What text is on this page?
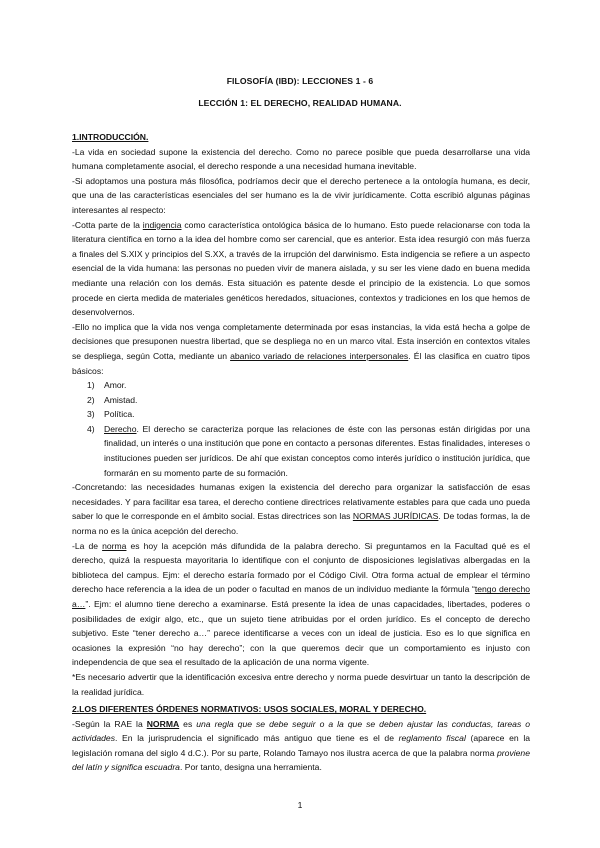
FILOSOFÍA (IBD): LECCIONES 1 - 6
LECCIÓN 1: EL DERECHO, REALIDAD HUMANA.
1.INTRODUCCIÓN.

-La vida en sociedad supone la existencia del derecho. Como no parece posible que pueda desarrollarse una vida humana completamente asocial, el derecho responde a una necesidad humana inevitable.

-Si adoptamos una postura más filosófica, podríamos decir que el derecho pertenece a la ontología humana, es decir, que una de las características esenciales del ser humano es la de vivir jurídicamente. Cotta escribió algunas páginas interesantes al respecto:

-Cotta parte de la indigencia como característica ontológica básica de lo humano. Esto puede relacionarse con toda la literatura científica en torno a la idea del hombre como ser carencial, que es anterior. Esta idea resurgió con más fuerza a finales del S.XIX y principios del S.XX, a través de la irrupción del darwinismo. Esta indigencia se refiere a un aspecto esencial de la vida humana: las personas no pueden vivir de manera aislada, y su ser les viene dado en buena medida mediante una relación con los demás. Esta situación es patente desde el principio de la existencia. Lo que somos procede en cierta medida de materiales genéticos heredados, situaciones, contextos y tradiciones en los que hemos de desenvolvernos.

-Ello no implica que la vida nos venga completamente determinada por esas instancias, la vida está hecha a golpe de decisiones que presuponen nuestra libertad, que se despliega no en un marco vital. Esta inserción en contextos vitales se despliega, según Cotta, mediante un abanico variado de relaciones interpersonales. Él las clasifica en cuatro tipos básicos:

1) Amor.
2) Amistad.
3) Política.
4) Derecho. El derecho se caracteriza porque las relaciones de éste con las personas están dirigidas por una finalidad, un interés o una institución que pone en contacto a personas diferentes. Estas finalidades, intereses o instituciones pueden ser jurídicos. De ahí que existan conceptos como interés jurídico o institución jurídica, que formarán en su momento parte de su formación.

-Concretando: las necesidades humanas exigen la existencia del derecho para organizar la satisfacción de esas necesidades. Y para facilitar esa tarea, el derecho contiene directrices relativamente estables para que cada uno pueda saber lo que le corresponde en el ámbito social. Estas directrices son las NORMAS JURÍDICAS. De todas formas, la de norma no es la única acepción del derecho.

-La de norma es hoy la acepción más difundida de la palabra derecho. Si preguntamos en la Facultad qué es el derecho, quizá la respuesta mayoritaria lo identifique con el conjunto de disposiciones legislativas albergadas en la biblioteca del campus. Ejm: el derecho estaría formado por el Código Civil. Otra forma actual de emplear el término derecho hace referencia a la idea de un poder o facultad en manos de un individuo mediante la fórmula “tengo derecho a…”. Ejm: el alumno tiene derecho a examinarse. Está presente la idea de unas capacidades, libertades, poderes o posibilidades de exigir algo, etc., que un sujeto tiene atribuidas por el orden jurídico. Es el concepto de derecho subjetivo. Este “tener derecho a…” parece identificarse a veces con un ideal de justicia. Eso es lo que significa en ocasiones la expresión “no hay derecho”; con la que queremos decir que un comportamiento es injusto con independencia de que sea el resultado de la aplicación de una norma vigente.

*Es necesario advertir que la identificación excesiva entre derecho y norma puede desvirtuar un tanto la descripción de la realidad jurídica.

2.LOS DIFERENTES ÓRDENES NORMATIVOS: USOS SOCIALES, MORAL Y DERECHO.

-Según la RAE la NORMA es una regla que se debe seguir o a la que se deben ajustar las conductas, tareas o actividades. En la jurisprudencia el significado más antiguo que tiene es el de reglamento fiscal (aparece en la legislación romana del siglo 4 d.C.). Por su parte, Rolando Tamayo nos ilustra acerca de que la palabra norma proviene del latín y significa escuadra. Por tanto, designa una herramienta.

1
